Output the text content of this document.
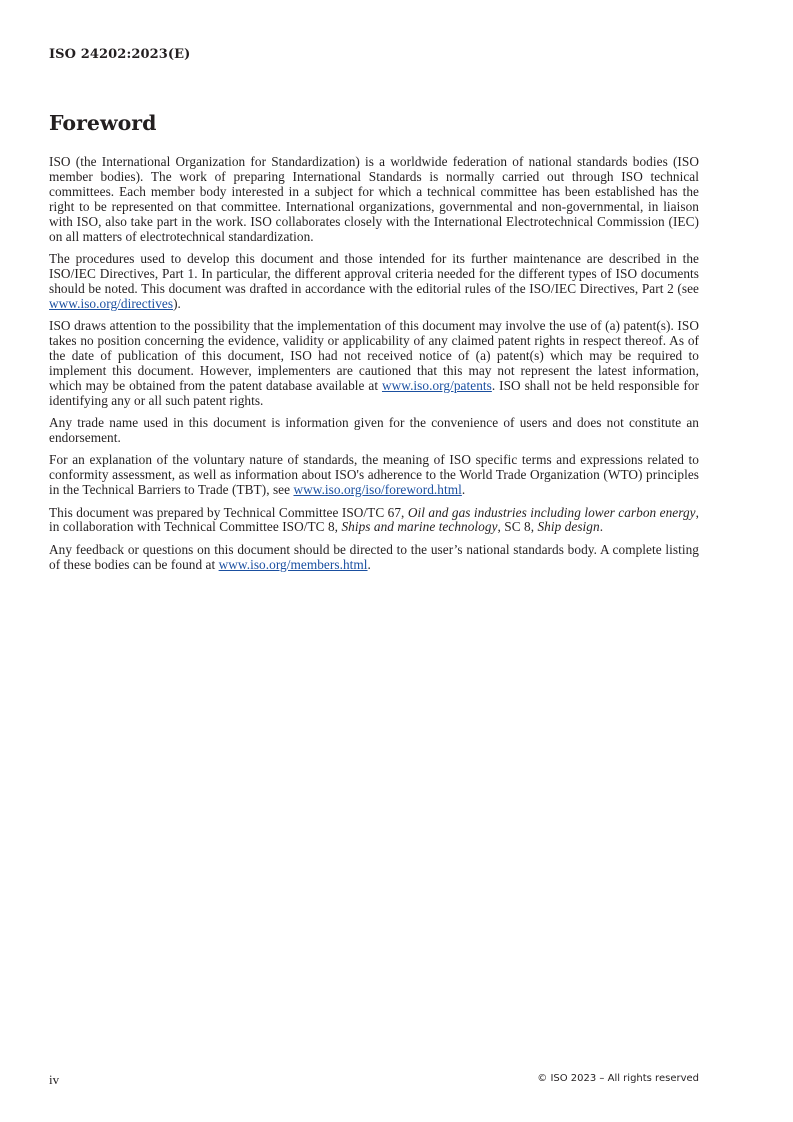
ISO 24202:2023(E)
Foreword

ISO (the International Organization for Standardization) is a worldwide federation of national standards bodies (ISO member bodies). The work of preparing International Standards is normally carried out through ISO technical committees. Each member body interested in a subject for which a technical committee has been established has the right to be represented on that committee. International organizations, governmental and non-governmental, in liaison with ISO, also take part in the work. ISO collaborates closely with the International Electrotechnical Commission (IEC) on all matters of electrotechnical standardization.

The procedures used to develop this document and those intended for its further maintenance are described in the ISO/IEC Directives, Part 1. In particular, the different approval criteria needed for the different types of ISO documents should be noted. This document was drafted in accordance with the editorial rules of the ISO/IEC Directives, Part 2 (see www.iso.org/directives).

ISO draws attention to the possibility that the implementation of this document may involve the use of (a) patent(s). ISO takes no position concerning the evidence, validity or applicability of any claimed patent rights in respect thereof. As of the date of publication of this document, ISO had not received notice of (a) patent(s) which may be required to implement this document. However, implementers are cautioned that this may not represent the latest information, which may be obtained from the patent database available at www.iso.org/patents. ISO shall not be held responsible for identifying any or all such patent rights.

Any trade name used in this document is information given for the convenience of users and does not constitute an endorsement.

For an explanation of the voluntary nature of standards, the meaning of ISO specific terms and expressions related to conformity assessment, as well as information about ISO's adherence to the World Trade Organization (WTO) principles in the Technical Barriers to Trade (TBT), see www.iso.org/iso/foreword.html.

This document was prepared by Technical Committee ISO/TC 67, Oil and gas industries including lower carbon energy, in collaboration with Technical Committee ISO/TC 8, Ships and marine technology, SC 8, Ship design.

Any feedback or questions on this document should be directed to the user’s national standards body. A complete listing of these bodies can be found at www.iso.org/members.html.

iv	© ISO 2023 – All rights reserved
